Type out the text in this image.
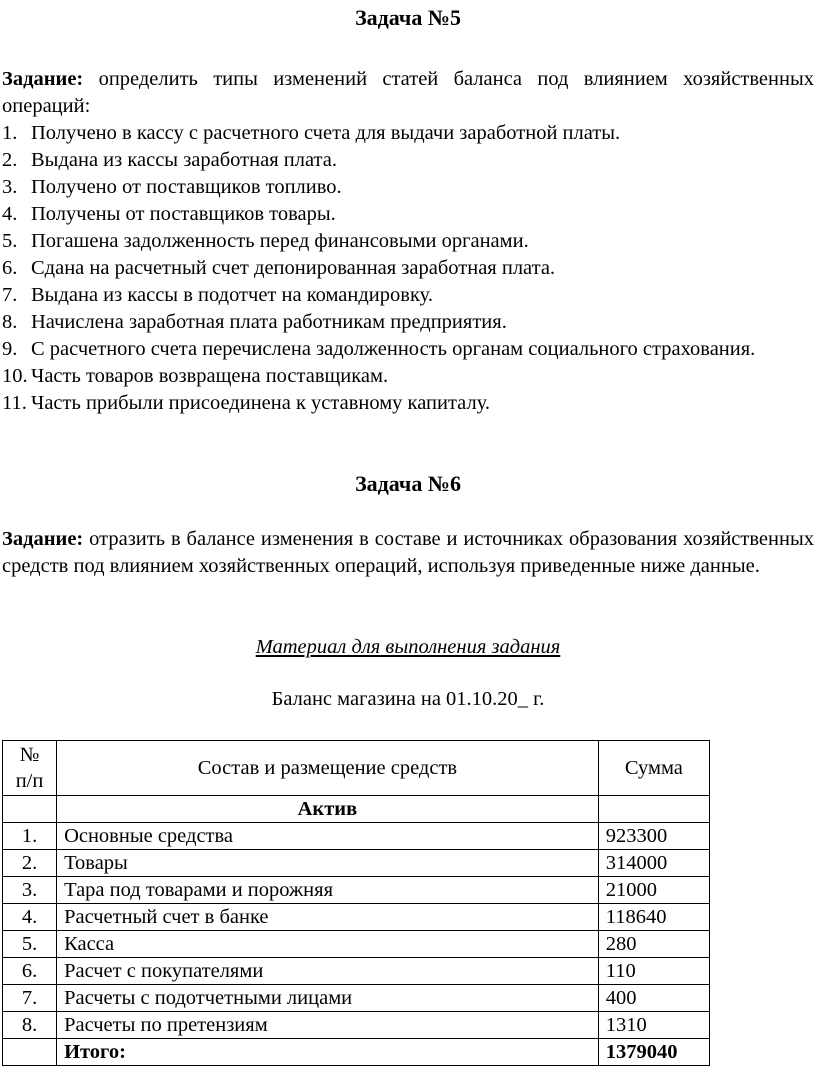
Задача №5
Задание: определить типы изменений статей баланса под влиянием хозяйственных операций:
1. Получено в кассу с расчетного счета для выдачи заработной платы.
2. Выдана из кассы заработная плата.
3. Получено от поставщиков топливо.
4. Получены от поставщиков товары.
5. Погашена задолженность перед финансовыми органами.
6. Сдана на расчетный счет депонированная заработная плата.
7. Выдана из кассы в подотчет на командировку.
8. Начислена заработная плата работникам предприятия.
9. С расчетного счета перечислена задолженность органам социального страхования.
10. Часть товаров возвращена поставщикам.
11. Часть прибыли присоединена к уставному капиталу.
Задача №6
Задание: отразить в балансе изменения в составе и источниках образования хозяйственных средств под влиянием хозяйственных операций, используя приведенные ниже данные.
Материал для выполнения задания
Баланс магазина на 01.10.20_ г.
№
п/п	Состав и размещение средств	Сумма
	Актив	
1.	Основные средства	923300
2.	Товары	314000
3.	Тара под товарами и порожняя	21000
4.	Расчетный счет в банке	118640
5.	Касса	280
6.	Расчет с покупателями	110
7.	Расчеты с подотчетными лицами	400
8.	Расчеты по претензиям	1310
	Итого:	1379040
